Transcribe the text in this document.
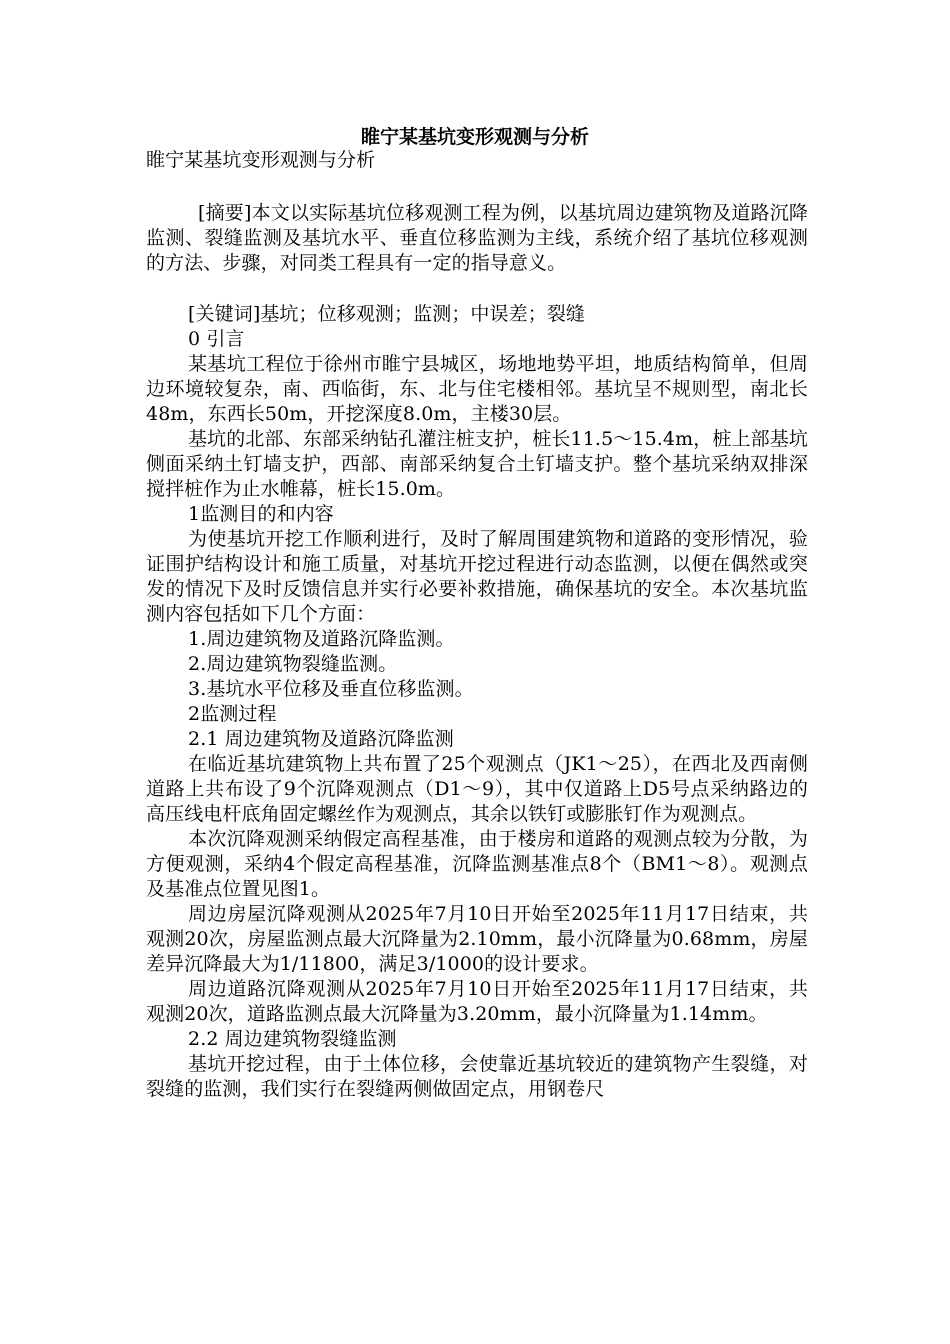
睢宁某基坑变形观测与分析

睢宁某基坑变形观测与分析

[摘要]本文以实际基坑位移观测工程为例，以基坑周边建筑物及道路沉降监测、裂缝监测及基坑水平、垂直位移监测为主线，系统介绍了基坑位移观测的方法、步骤，对同类工程具有一定的指导意义。

[关键词]基坑；位移观测；监测；中误差；裂缝

0 引言

某基坑工程位于徐州市睢宁县城区，场地地势平坦，地质结构简单，但周边环境较复杂，南、西临街，东、北与住宅楼相邻。基坑呈不规则型，南北长48m，东西长50m，开挖深度8.0m，主楼30层。

基坑的北部、东部采纳钻孔灌注桩支护，桩长11.5～15.4m，桩上部基坑侧面采纳土钉墙支护，西部、南部采纳复合土钉墙支护。整个基坑采纳双排深搅拌桩作为止水帷幕，桩长15.0m。

1监测目的和内容

为使基坑开挖工作顺利进行，及时了解周围建筑物和道路的变形情况，验证围护结构设计和施工质量，对基坑开挖过程进行动态监测，以便在偶然或突发的情况下及时反馈信息并实行必要补救措施，确保基坑的安全。本次基坑监测内容包括如下几个方面：

1.周边建筑物及道路沉降监测。

2.周边建筑物裂缝监测。

3.基坑水平位移及垂直位移监测。

2监测过程

2.1 周边建筑物及道路沉降监测

在临近基坑建筑物上共布置了25个观测点（JK1～25），在西北及西南侧道路上共布设了9个沉降观测点（D1～9），其中仅道路上D5号点采纳路边的高压线电杆底角固定螺丝作为观测点，其余以铁钉或膨胀钉作为观测点。

本次沉降观测采纳假定高程基准，由于楼房和道路的观测点较为分散，为方便观测，采纳4个假定高程基准，沉降监测基准点8个（BM1～8）。观测点及基准点位置见图1。

周边房屋沉降观测从2025年7月10日开始至2025年11月17日结束，共观测20次，房屋监测点最大沉降量为2.10mm，最小沉降量为0.68mm，房屋差异沉降最大为1/11800，满足3/1000的设计要求。

周边道路沉降观测从2025年7月10日开始至2025年11月17日结束，共观测20次，道路监测点最大沉降量为3.20mm，最小沉降量为1.14mm。

2.2 周边建筑物裂缝监测

基坑开挖过程，由于土体位移，会使靠近基坑较近的建筑物产生裂缝，对裂缝的监测，我们实行在裂缝两侧做固定点，用钢卷尺
